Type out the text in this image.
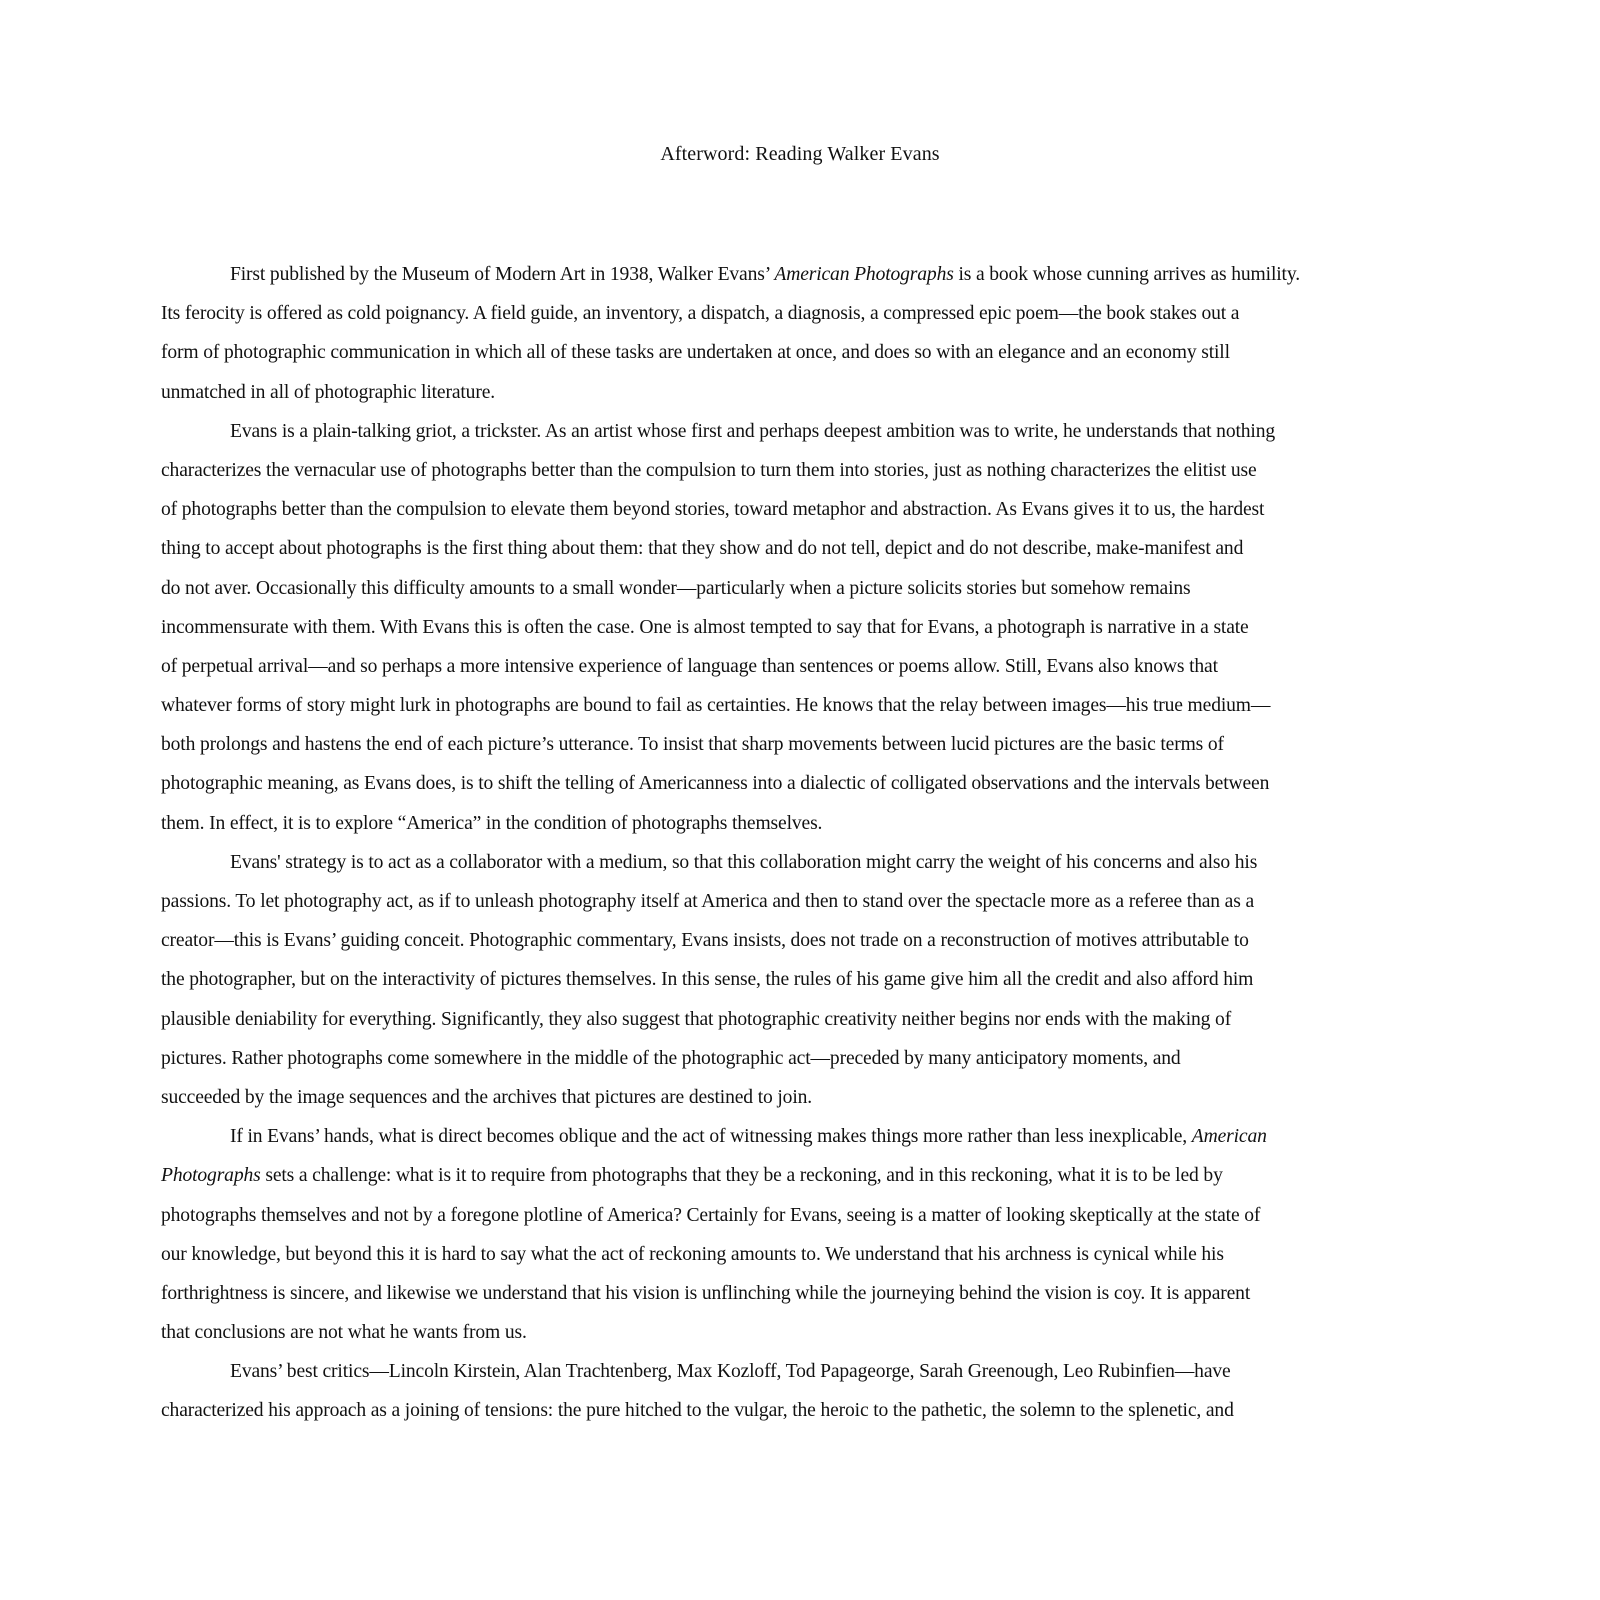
Afterword: Reading Walker Evans
First published by the Museum of Modern Art in 1938, Walker Evans’ American Photographs is a book whose cunning arrives as humility.
Its ferocity is offered as cold poignancy. A field guide, an inventory, a dispatch, a diagnosis, a compressed epic poem—the book stakes out a
form of photographic communication in which all of these tasks are undertaken at once, and does so with an elegance and an economy still
unmatched in all of photographic literature.
Evans is a plain-talking griot, a trickster. As an artist whose first and perhaps deepest ambition was to write, he understands that nothing
characterizes the vernacular use of photographs better than the compulsion to turn them into stories, just as nothing characterizes the elitist use
of photographs better than the compulsion to elevate them beyond stories, toward metaphor and abstraction. As Evans gives it to us, the hardest
thing to accept about photographs is the first thing about them: that they show and do not tell, depict and do not describe, make-manifest and
do not aver. Occasionally this difficulty amounts to a small wonder—particularly when a picture solicits stories but somehow remains
incommensurate with them. With Evans this is often the case. One is almost tempted to say that for Evans, a photograph is narrative in a state
of perpetual arrival—and so perhaps a more intensive experience of language than sentences or poems allow. Still, Evans also knows that
whatever forms of story might lurk in photographs are bound to fail as certainties. He knows that the relay between images—his true medium—
both prolongs and hastens the end of each picture’s utterance. To insist that sharp movements between lucid pictures are the basic terms of
photographic meaning, as Evans does, is to shift the telling of Americanness into a dialectic of colligated observations and the intervals between
them. In effect, it is to explore “America” in the condition of photographs themselves.
Evans' strategy is to act as a collaborator with a medium, so that this collaboration might carry the weight of his concerns and also his
passions. To let photography act, as if to unleash photography itself at America and then to stand over the spectacle more as a referee than as a
creator—this is Evans’ guiding conceit. Photographic commentary, Evans insists, does not trade on a reconstruction of motives attributable to
the photographer, but on the interactivity of pictures themselves. In this sense, the rules of his game give him all the credit and also afford him
plausible deniability for everything. Significantly, they also suggest that photographic creativity neither begins nor ends with the making of
pictures. Rather photographs come somewhere in the middle of the photographic act—preceded by many anticipatory moments, and
succeeded by the image sequences and the archives that pictures are destined to join.
If in Evans’ hands, what is direct becomes oblique and the act of witnessing makes things more rather than less inexplicable, American
Photographs sets a challenge: what is it to require from photographs that they be a reckoning, and in this reckoning, what it is to be led by
photographs themselves and not by a foregone plotline of America? Certainly for Evans, seeing is a matter of looking skeptically at the state of
our knowledge, but beyond this it is hard to say what the act of reckoning amounts to. We understand that his archness is cynical while his
forthrightness is sincere, and likewise we understand that his vision is unflinching while the journeying behind the vision is coy. It is apparent
that conclusions are not what he wants from us.
Evans’ best critics—Lincoln Kirstein, Alan Trachtenberg, Max Kozloff, Tod Papageorge, Sarah Greenough, Leo Rubinfien—have
characterized his approach as a joining of tensions: the pure hitched to the vulgar, the heroic to the pathetic, the solemn to the splenetic, and
